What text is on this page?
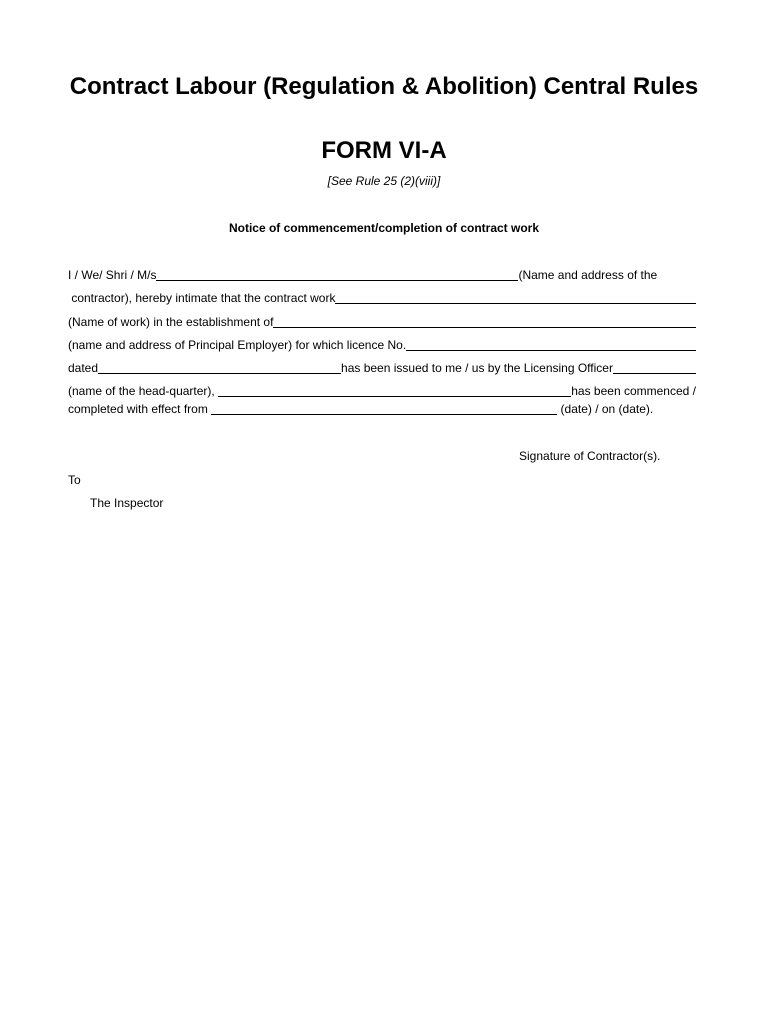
Contract Labour (Regulation & Abolition) Central Rules
FORM VI-A
[See Rule 25 (2)(viii)]
Notice of commencement/completion of contract work
I / We/ Shri / M/s	(Name and address of the
contractor), hereby intimate that the contract work
(Name of work) in the establishment of
(name and address of Principal Employer) for which licence No.
dated	has been issued to me / us by the Licensing Officer
(name of the head-quarter),	has been commenced /
completed with effect from	(date) / on (date).
Signature of Contractor(s).
To
The Inspector
